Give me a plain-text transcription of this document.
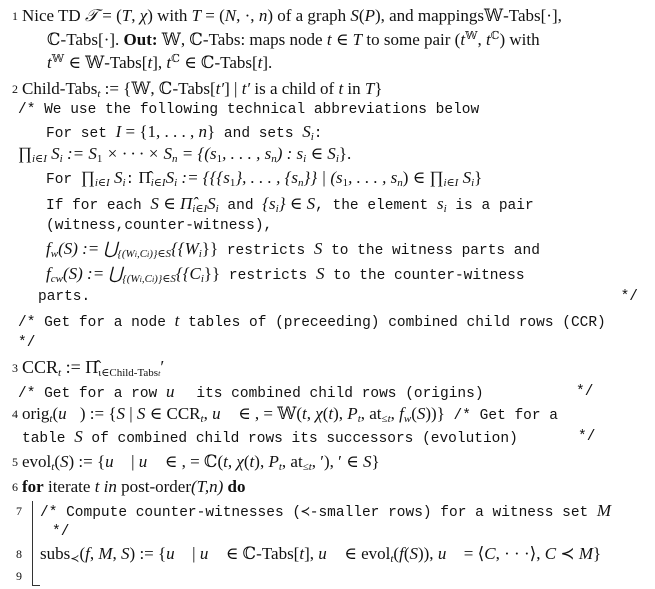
1 Nice TD 𝒯 = (T, χ) with T = (N, ·, n) of a graph S(P), and mappings𝕎-Tabs[·],
ℂ-Tabs[·]. Out: 𝕎, ℂ-Tabs: maps node t ∈ T to some pair ($t^𝕎$, $t^ℂ$) with
$t^𝕎$ ∈ 𝕎-Tabs[t], $t^ℂ$ ∈ ℂ-Tabs[t].
2 Child-Tabs$_t$ := {𝕎, ℂ-Tabs[t′] | t′ is a child of t in T}
/* We use the following technical abbreviations below
For set I = {1, . . . , n} and sets $S_i$:
$\prod_{i\in I}$ $S_i$ := $S_1$ × · · · × $S_n = \{(s_1$, . . . , $s_n$) : $s_i$ ∈ $S_i$}.
For $\prod_{i\in I}$ $S_i$: $\Pî_{i\in I}S_i$ := {{$\{s_1\}$, . . . , $\{s_n\}$} | ($s_1$, . . . , $s_n$) ∈ $\prod_{i\in I}$ $S_i$}
If for each S ∈ $\Pî_{i\in I}S_i$ and $\{s_i\}$ ∈ S, the element $s_i$ is a pair
(witness,counter-witness),
$f_w(S)$ := $⋃_{\{(Wi,Ci)\}\in S}\{\{W_i\}\}$ restricts S to the witness parts and
$f_{cw}(S)$ := $⋃_{\{(Wi,Ci)\}\in S}\{\{C_i\}\}$ restricts S to the counter-witness
parts.	*/
/* Get for a node t tables of (preceeding) combined child rows (CCR)
*/
3 $CCR_t$ := $\Pî_{\iota\in Child-Tabst}'$
/* Get for a row u⃗ its combined child rows (origins)	*/
4 orig$_t$(u⃗) := {S | S ∈ $CCR_t$, u⃗ ∈ , = 𝕎(t, χ(t), $P_t$, $at_{\le t}$, $f_w(S)$)} /* Get for a
table S of combined child rows its successors (evolution)	*/
5 evol$_t$(S) := {u⃗ | u⃗ ∈ , = ℂ(t, χ(t), $P_t$, $at_{\le t}$, ′), ′ ∈ S}
6 for iterate t in post-order(T,n) do
7 /* Compute counter-witnesses (≺-smaller rows) for a witness set M
*/
8 subs$_≺$(f, M, S) := {u⃗ | u⃗ ∈ ℂ-Tabs[t], u⃗ ∈ evol$_t$(f(S)), u⃗ = ⟨C, · · ·⟩, C ≺ M}
9
